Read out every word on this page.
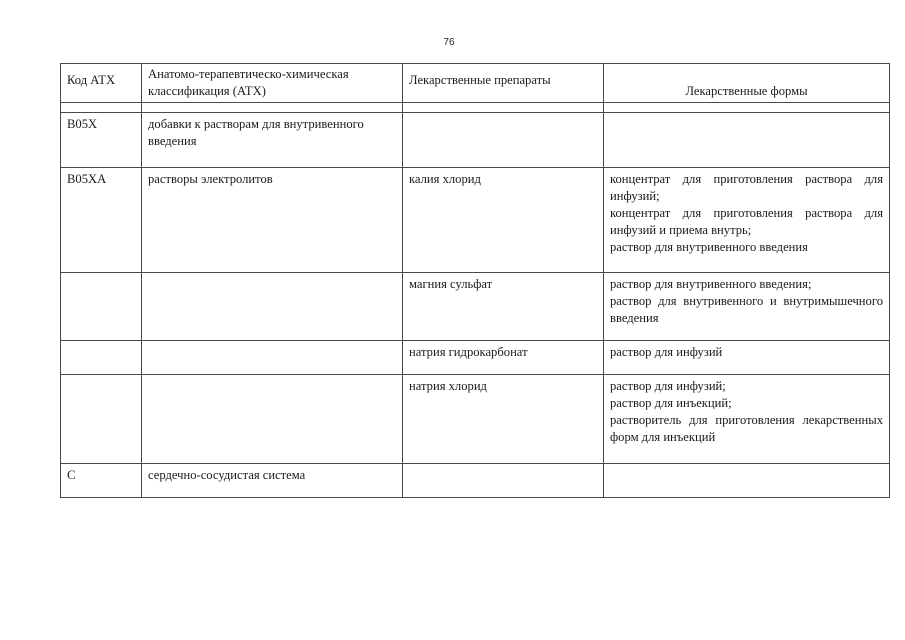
76
Код АТХ	Анатомо-терапевтическо-химическая классификация (АТХ)	Лекарственные препараты	Лекарственные формы

B05X	добавки к растворам для внутривенного введения		
B05XA	растворы электролитов	калия хлорид	концентрат для приготовления раствора для инфузий;
концентрат для приготовления раствора для инфузий и приема внутрь;
раствор для внутривенного введения

		магния сульфат	раствор для внутривенного введения;
раствор для внутривенного и внутримышечного введения

		натрия гидрокарбонат	раствор для инфузий

		натрия хлорид	раствор для инфузий;
раствор для инъекций;
растворитель для приготовления лекарственных форм для инъекций

C	сердечно-сосудистая система		
